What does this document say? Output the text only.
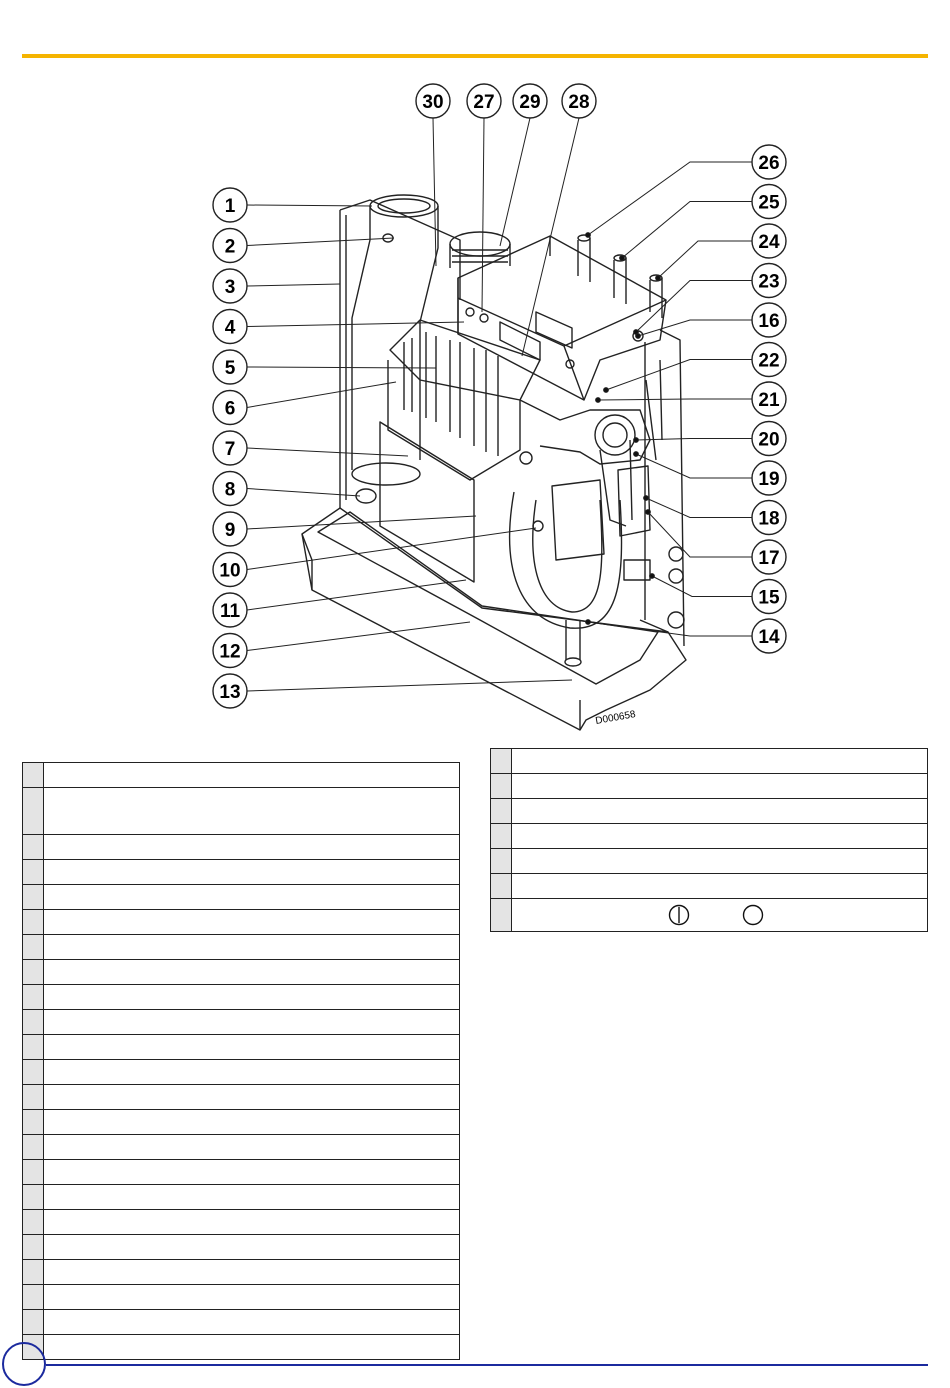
30 27 29 28
1
2
3
4
5
6
7
8
9
10
11
12
13
26
25
24
23
16
22
21
20
19
18
17
15
14
D000658
